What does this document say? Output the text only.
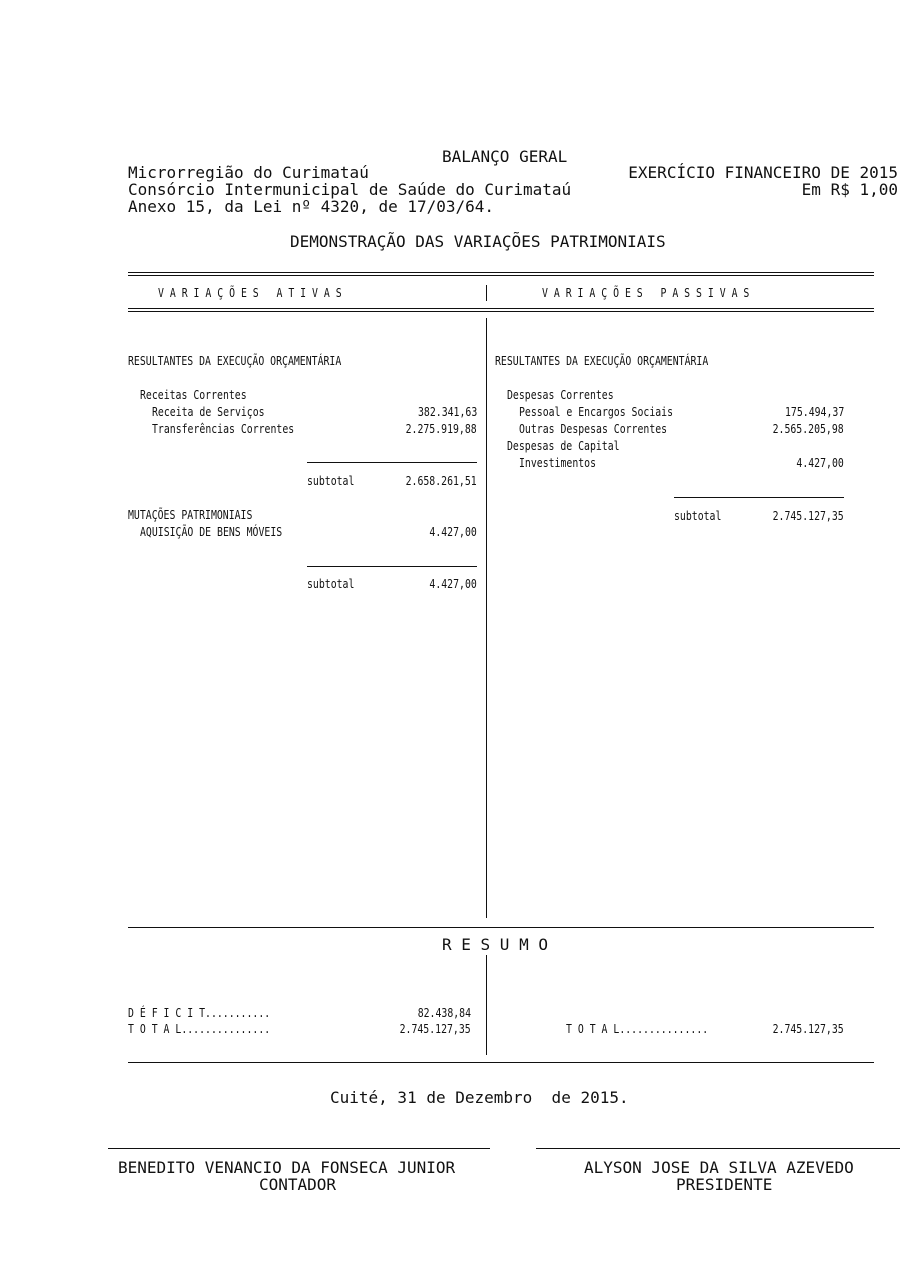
BALANÇO GERAL
Microrregião do Curimataú	EXERCÍCIO FINANCEIRO DE 2015
Consórcio Intermunicipal de Saúde do Curimataú	Em R$ 1,00
Anexo 15, da Lei nº 4320, de 17/03/64.
DEMONSTRAÇÃO DAS VARIAÇÕES PATRIMONIAIS
V A R I A Ç Õ E S   A T I V A S	V A R I A Ç Õ E S   P A S S I V A S
RESULTANTES DA EXECUÇÃO ORÇAMENTÁRIA
Receitas Correntes
Receita de Serviços	382.341,63
Transferências Correntes	2.275.919,88
subtotal	2.658.261,51
MUTAÇÕES PATRIMONIAIS
AQUISIÇÃO DE BENS MÓVEIS	4.427,00
subtotal	4.427,00
RESULTANTES DA EXECUÇÃO ORÇAMENTÁRIA
Despesas Correntes
Pessoal e Encargos Sociais	175.494,37
Outras Despesas Correntes	2.565.205,98
Despesas de Capital
Investimentos	4.427,00
subtotal	2.745.127,35
R E S U M O
D É F I C I T...........	82.438,84
T O T A L...............	2.745.127,35	T O T A L...............	2.745.127,35
Cuité, 31 de Dezembro  de 2015.
BENEDITO VENANCIO DA FONSECA JUNIOR
CONTADOR
ALYSON JOSE DA SILVA AZEVEDO
PRESIDENTE
